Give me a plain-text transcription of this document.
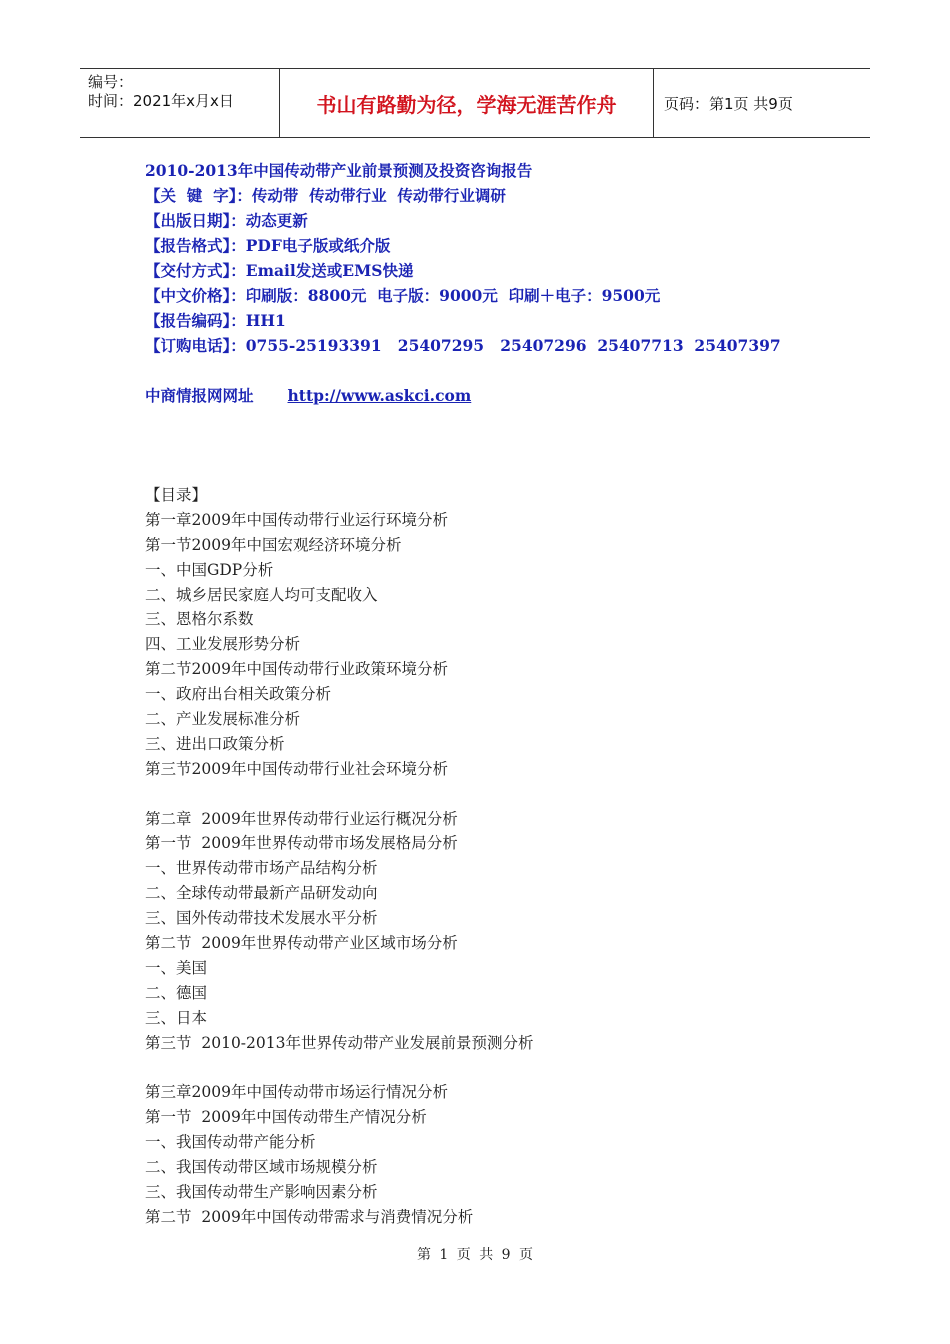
编号：
时间：2021年x月x日	书山有路勤为径，学海无涯苦作舟	页码：第1页 共9页
2010-2013年中国传动带产业前景预测及投资咨询报告
【关  键  字】：传动带  传动带行业  传动带行业调研
【出版日期】：动态更新
【报告格式】：PDF电子版或纸介版
【交付方式】：Email发送或EMS快递
【中文价格】：印刷版：8800元  电子版：9000元  印刷＋电子：9500元
【报告编码】：HH1
【订购电话】：0755-25193391   25407295   25407296  25407713  25407397
中商情报网网址 http://www.askci.com
【目录】
第一章2009年中国传动带行业运行环境分析
第一节2009年中国宏观经济环境分析
一、中国GDP分析
二、城乡居民家庭人均可支配收入
三、恩格尔系数
四、工业发展形势分析
第二节2009年中国传动带行业政策环境分析
一、政府出台相关政策分析
二、产业发展标准分析
三、进出口政策分析
第三节2009年中国传动带行业社会环境分析
第二章  2009年世界传动带行业运行概况分析
第一节  2009年世界传动带市场发展格局分析
一、世界传动带市场产品结构分析
二、全球传动带最新产品研发动向
三、国外传动带技术发展水平分析
第二节  2009年世界传动带产业区域市场分析
一、美国
二、德国
三、日本
第三节  2010-2013年世界传动带产业发展前景预测分析
第三章2009年中国传动带市场运行情况分析
第一节  2009年中国传动带生产情况分析
一、我国传动带产能分析
二、我国传动带区域市场规模分析
三、我国传动带生产影响因素分析
第二节  2009年中国传动带需求与消费情况分析
第 1 页 共 9 页
